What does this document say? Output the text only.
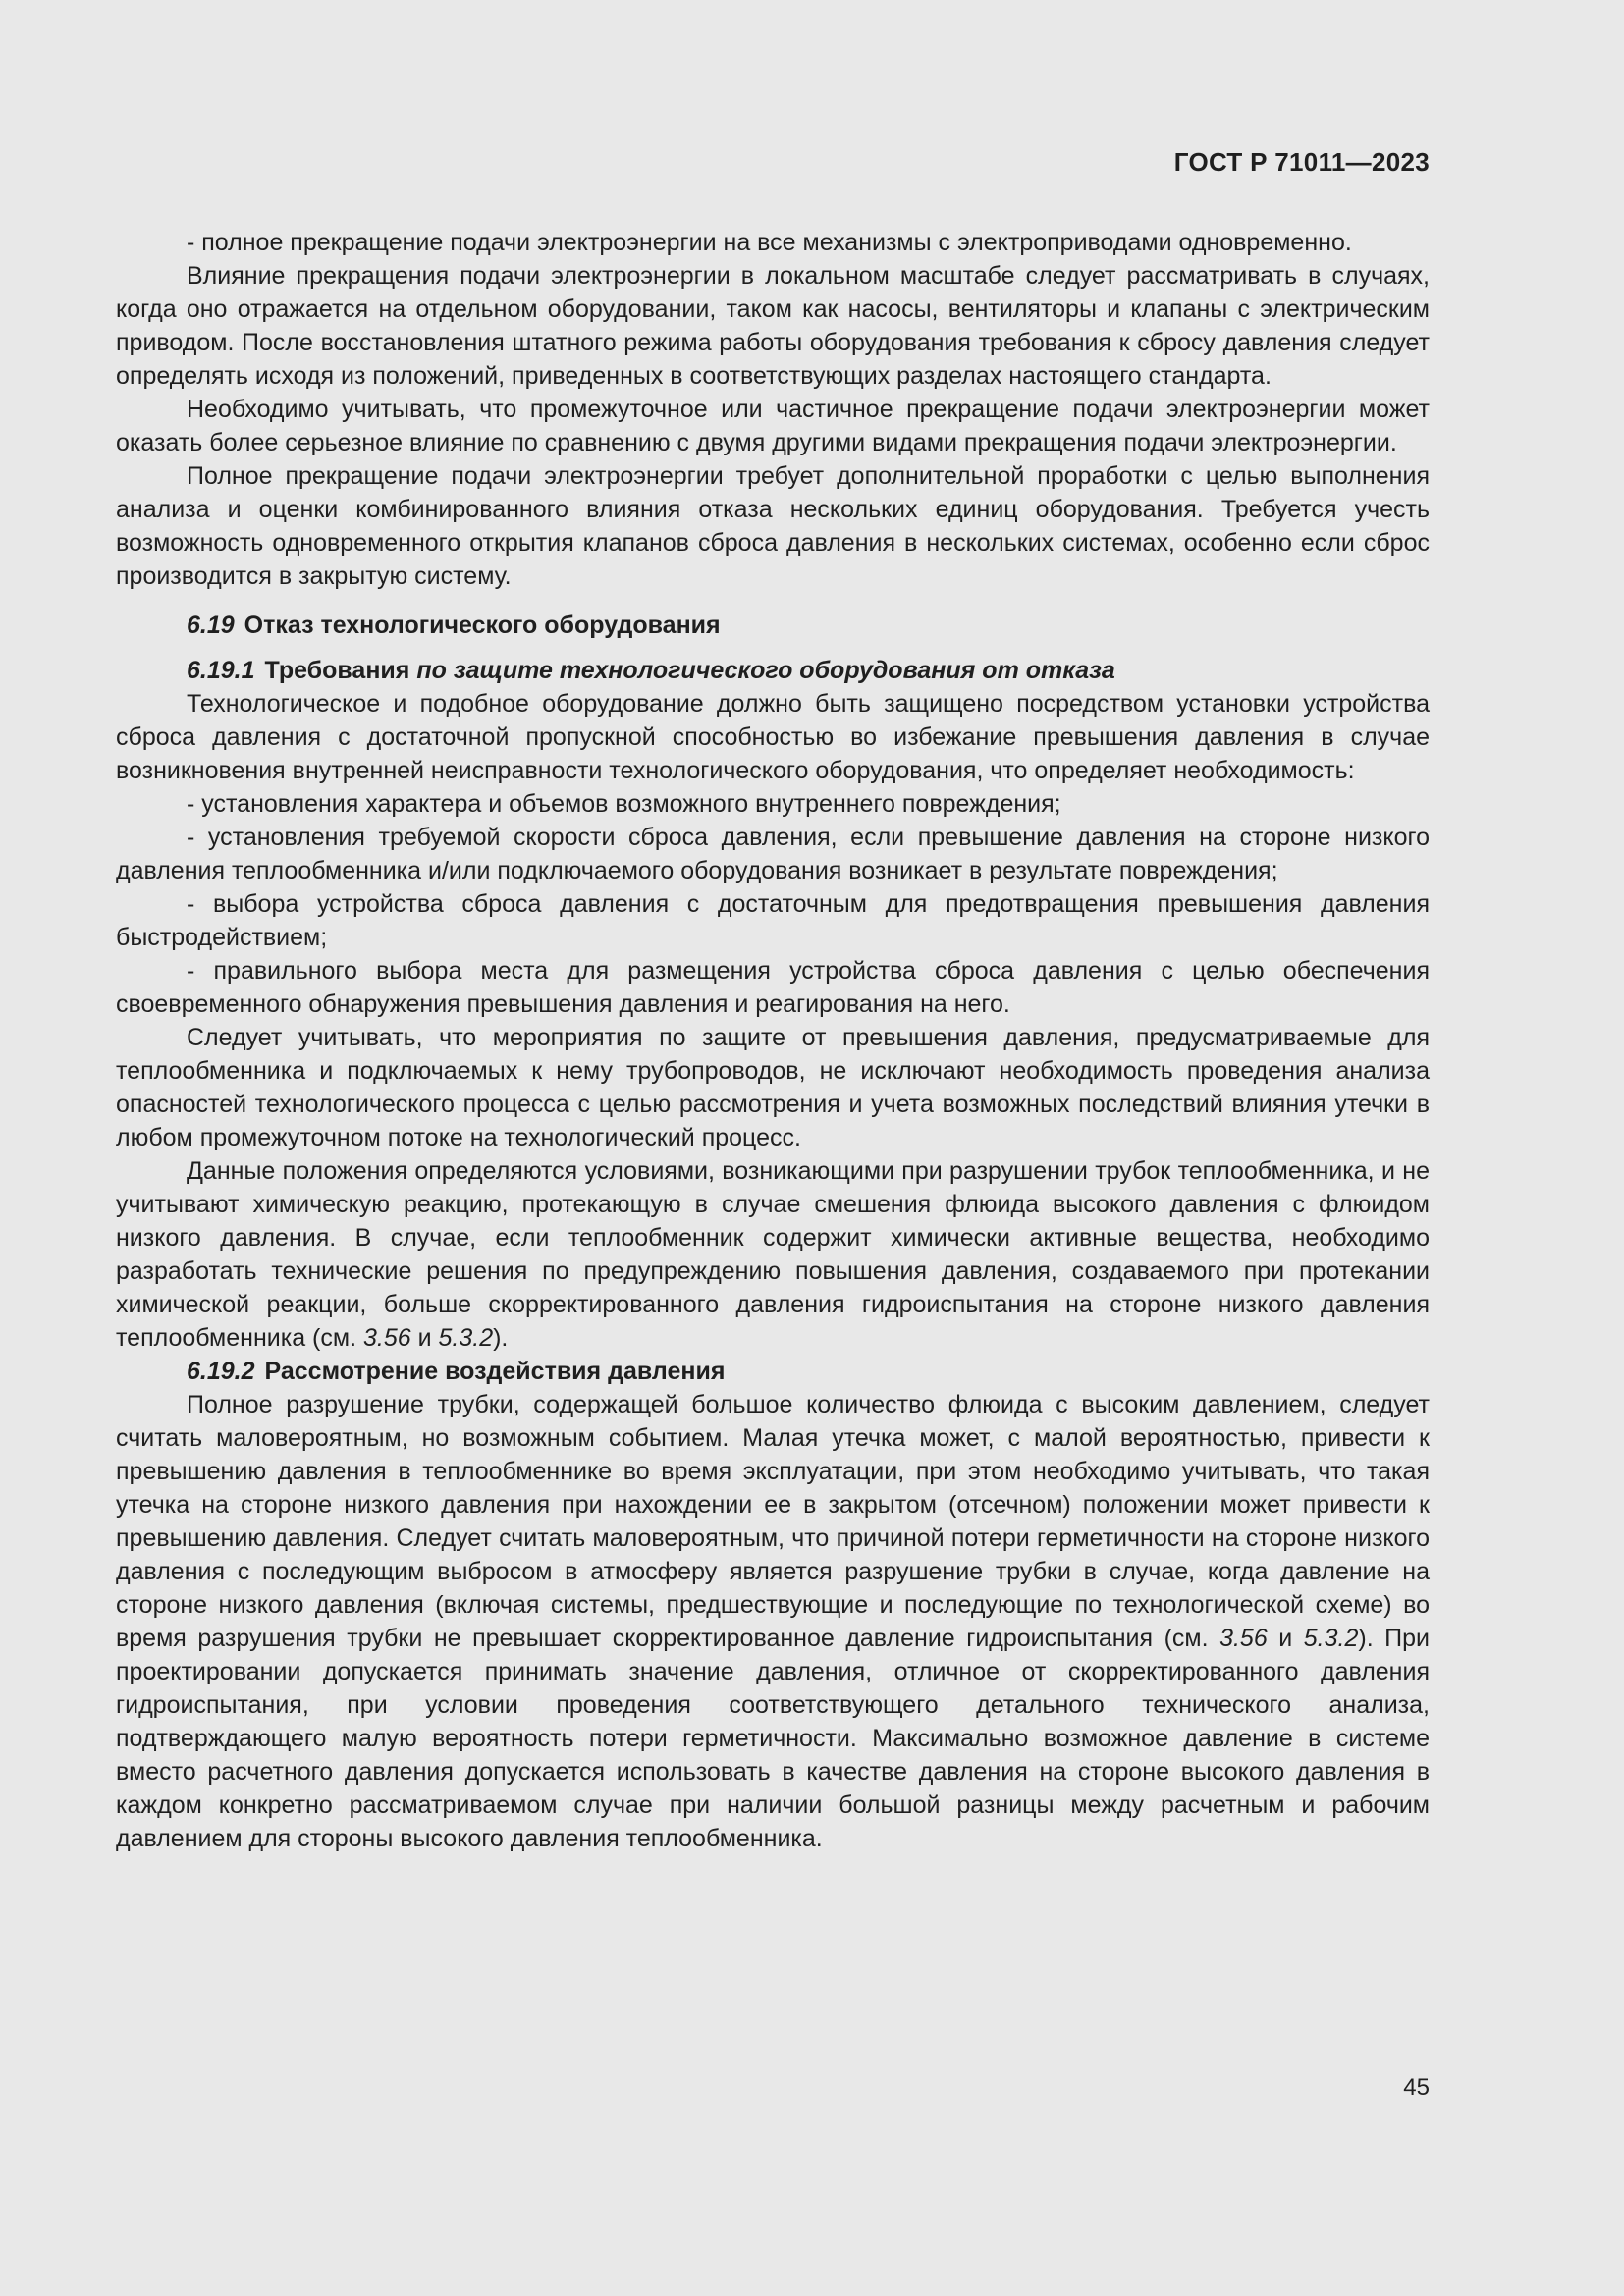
ГОСТ Р 71011—2023

- полное прекращение подачи электроэнергии на все механизмы с электроприводами одновременно.

Влияние прекращения подачи электроэнергии в локальном масштабе следует рассматривать в случаях, когда оно отражается на отдельном оборудовании, таком как насосы, вентиляторы и клапаны с электрическим приводом. После восстановления штатного режима работы оборудования требования к сбросу давления следует определять исходя из положений, приведенных в соответствующих разделах настоящего стандарта.

Необходимо учитывать, что промежуточное или частичное прекращение подачи электроэнергии может оказать более серьезное влияние по сравнению с двумя другими видами прекращения подачи электроэнергии.

Полное прекращение подачи электроэнергии требует дополнительной проработки с целью выполнения анализа и оценки комбинированного влияния отказа нескольких единиц оборудования. Требуется учесть возможность одновременного открытия клапанов сброса давления в нескольких системах, особенно если сброс производится в закрытую систему.

6.19 Отказ технологического оборудования
6.19.1 Требования по защите технологического оборудования от отказа

Технологическое и подобное оборудование должно быть защищено посредством установки устройства сброса давления с достаточной пропускной способностью во избежание превышения давления в случае возникновения внутренней неисправности технологического оборудования, что определяет необходимость:

- установления характера и объемов возможного внутреннего повреждения;

- установления требуемой скорости сброса давления, если превышение давления на стороне низкого давления теплообменника и/или подключаемого оборудования возникает в результате повреждения;

- выбора устройства сброса давления с достаточным для предотвращения превышения давления быстродействием;

- правильного выбора места для размещения устройства сброса давления с целью обеспечения своевременного обнаружения превышения давления и реагирования на него.

Следует учитывать, что мероприятия по защите от превышения давления, предусматриваемые для теплообменника и подключаемых к нему трубопроводов, не исключают необходимость проведения анализа опасностей технологического процесса с целью рассмотрения и учета возможных последствий влияния утечки в любом промежуточном потоке на технологический процесс.

Данные положения определяются условиями, возникающими при разрушении трубок теплообменника, и не учитывают химическую реакцию, протекающую в случае смешения флюида высокого давления с флюидом низкого давления. В случае, если теплообменник содержит химически активные вещества, необходимо разработать технические решения по предупреждению повышения давления, создаваемого при протекании химической реакции, больше скорректированного давления гидроиспытания на стороне низкого давления теплообменника (см. 3.56 и 5.3.2).

6.19.2 Рассмотрение воздействия давления

Полное разрушение трубки, содержащей большое количество флюида с высоким давлением, следует считать маловероятным, но возможным событием. Малая утечка может, с малой вероятностью, привести к превышению давления в теплообменнике во время эксплуатации, при этом необходимо учитывать, что такая утечка на стороне низкого давления при нахождении ее в закрытом (отсечном) положении может привести к превышению давления. Следует считать маловероятным, что причиной потери герметичности на стороне низкого давления с последующим выбросом в атмосферу является разрушение трубки в случае, когда давление на стороне низкого давления (включая системы, предшествующие и последующие по технологической схеме) во время разрушения трубки не превышает скорректированное давление гидроиспытания (см. 3.56 и 5.3.2). При проектировании допускается принимать значение давления, отличное от скорректированного давления гидроиспытания, при условии проведения соответствующего детального технического анализа, подтверждающего малую вероятность потери герметичности. Максимально возможное давление в системе вместо расчетного давления допускается использовать в качестве давления на стороне высокого давления в каждом конкретно рассматриваемом случае при наличии большой разницы между расчетным и рабочим давлением для стороны высокого давления теплообменника.

45
